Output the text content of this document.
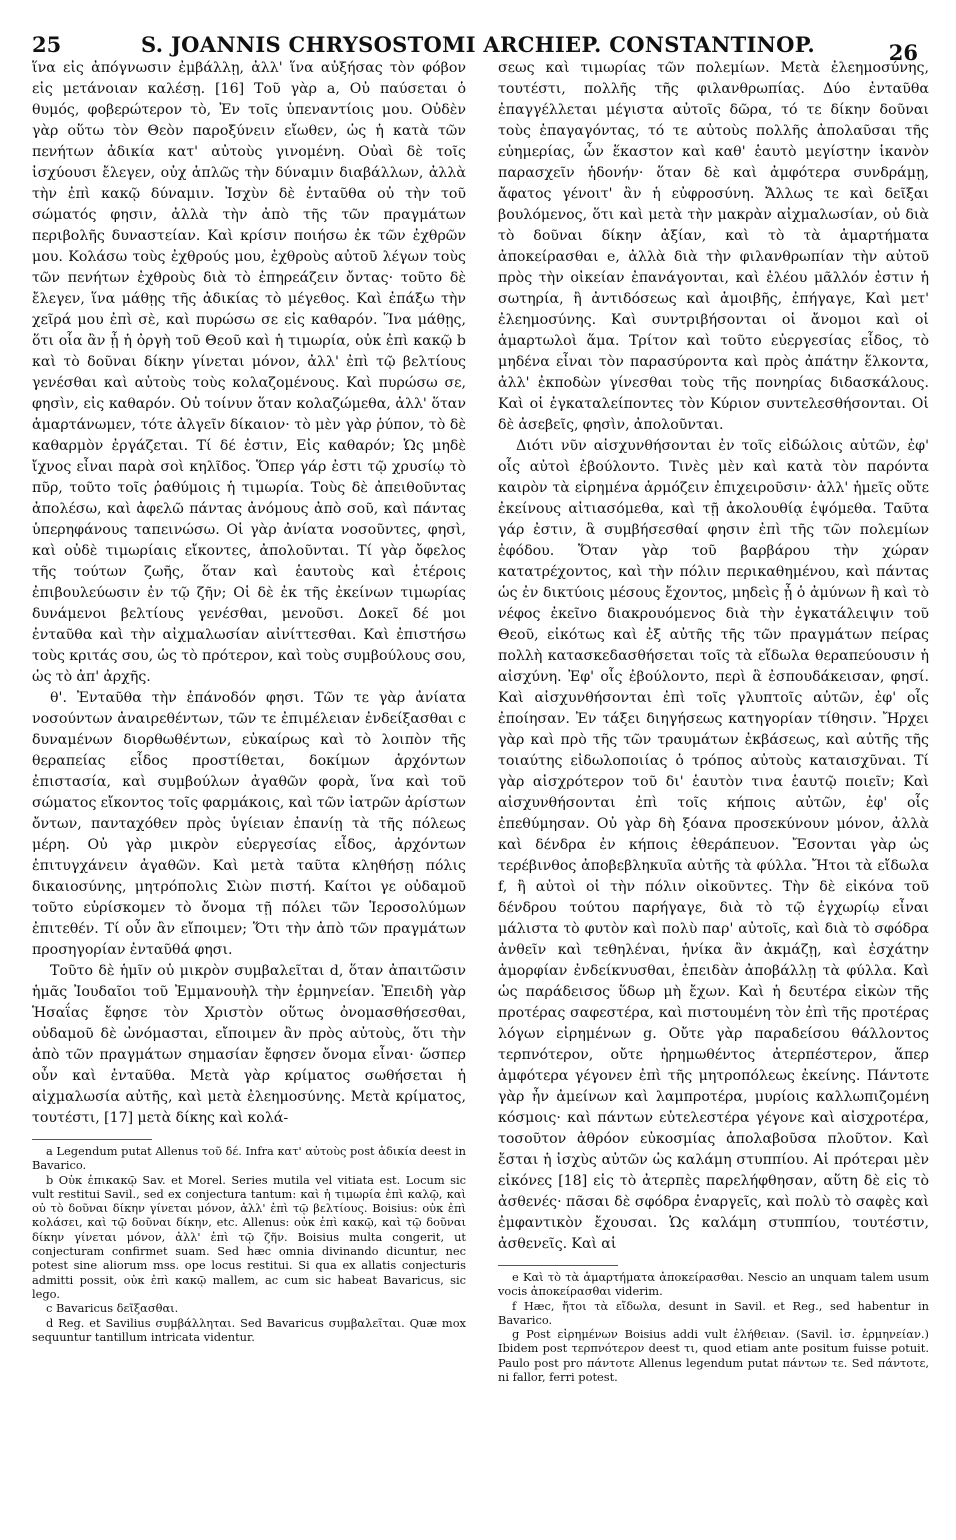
S. JOANNIS CHRYSOSTOMI ARCHIEP. CONSTANTINOP.
25	26

ἵνα εἰς ἀπόγνωσιν ἐμβάλλῃ, ἀλλ' ἵνα αὐξήσας τὸν φόβον εἰς μετάνοιαν καλέσῃ. [16] Τοῦ γὰρ a, Οὐ παύσεται ὁ θυμός, φοβερώτερον τὸ, Ἐν τοῖς ὑπεναντίοις μου. Οὐδὲν γὰρ οὕτω τὸν Θεὸν παροξύνειν εἴωθεν, ὡς ἡ κατὰ τῶν πενήτων ἀδικία κατ' αὐτοὺς γινομένη. Οὐαὶ δὲ τοῖς ἰσχύουσι ἔλεγεν, οὐχ ἁπλῶς τὴν δύναμιν διαβάλλων, ἀλλὰ τὴν ἐπὶ κακῷ δύναμιν. Ἰσχὺν δὲ ἐνταῦθα οὐ τὴν τοῦ σώματός φησιν, ἀλλὰ τὴν ἀπὸ τῆς τῶν πραγμάτων περιβολῆς δυναστείαν. Καὶ κρίσιν ποιήσω ἐκ τῶν ἐχθρῶν μου. Κολάσω τοὺς ἐχθρούς μου, ἐχθροὺς αὐτοῦ λέγων τοὺς τῶν πενήτων ἐχθροὺς διὰ τὸ ἐπηρεάζειν ὄντας· τοῦτο δὲ ἔλεγεν, ἵνα μάθῃς τῆς ἀδικίας τὸ μέγεθος. Καὶ ἐπάξω τὴν χεῖρά μου ἐπὶ σὲ, καὶ πυρώσω σε εἰς καθαρόν. Ἵνα μάθῃς, ὅτι οἷα ἂν ᾖ ἡ ὀργὴ τοῦ Θεοῦ καὶ ἡ τιμωρία, οὐκ ἐπὶ κακῷ b καὶ τὸ δοῦναι δίκην γίνεται μόνον, ἀλλ' ἐπὶ τῷ βελτίους γενέσθαι καὶ αὐτοὺς τοὺς κολαζομένους. Καὶ πυρώσω σε, φησὶν, εἰς καθαρόν. Οὐ τοίνυν ὅταν κολαζώμεθα, ἀλλ' ὅταν ἁμαρτάνωμεν, τότε ἀλγεῖν δίκαιον· τὸ μὲν γὰρ ῥύπον, τὸ δὲ καθαρμὸν ἐργάζεται. Τί δέ ἐστιν, Εἰς καθαρόν; Ὡς μηδὲ ἴχνος εἶναι παρὰ σοὶ κηλῖδος. Ὅπερ γάρ ἐστι τῷ χρυσίῳ τὸ πῦρ, τοῦτο τοῖς ῥαθύμοις ἡ τιμωρία. Τοὺς δὲ ἀπειθοῦντας ἀπολέσω, καὶ ἀφελῶ πάντας ἀνόμους ἀπὸ σοῦ, καὶ πάντας ὑπερηφάνους ταπεινώσω. Οἱ γὰρ ἀνίατα νοσοῦντες, φησὶ, καὶ οὐδὲ τιμωρίαις εἴκοντες, ἀπολοῦνται. Τί γὰρ ὄφελος τῆς τούτων ζωῆς, ὅταν καὶ ἑαυτοὺς καὶ ἑτέροις ἐπιβουλεύωσιν ἐν τῷ ζῆν; Οἱ δὲ ἐκ τῆς ἐκείνων τιμωρίας δυνάμενοι βελτίους γενέσθαι, μενοῦσι. Δοκεῖ δέ μοι ἐνταῦθα καὶ τὴν αἰχμαλωσίαν αἰνίττεσθαι. Καὶ ἐπιστήσω τοὺς κριτάς σου, ὡς τὸ πρότερον, καὶ τοὺς συμβούλους σου, ὡς τὸ ἀπ' ἀρχῆς.

θ'. Ἐνταῦθα τὴν ἐπάνοδόν φησι. Τῶν τε γὰρ ἀνίατα νοσούντων ἀναιρεθέντων, τῶν τε ἐπιμέλειαν ἐνδείξασθαι c δυναμένων διορθωθέντων, εὐκαίρως καὶ τὸ λοιπὸν τῆς θεραπείας εἶδος προστίθεται, δοκίμων ἀρχόντων ἐπιστασία, καὶ συμβούλων ἀγαθῶν φορὰ, ἵνα καὶ τοῦ σώματος εἴκοντος τοῖς φαρμάκοις, καὶ τῶν ἰατρῶν ἀρίστων ὄντων, πανταχόθεν πρὸς ὑγίειαν ἐπανίῃ τὰ τῆς πόλεως μέρη. Οὐ γὰρ μικρὸν εὐεργεσίας εἶδος, ἀρχόντων ἐπιτυγχάνειν ἀγαθῶν. Καὶ μετὰ ταῦτα κληθήσῃ πόλις δικαιοσύνης, μητρόπολις Σιὼν πιστή. Καίτοι γε οὐδαμοῦ τοῦτο εὑρίσκομεν τὸ ὄνομα τῇ πόλει τῶν Ἱεροσολύμων ἐπιτεθέν. Τί οὖν ἂν εἴποιμεν; Ὅτι τὴν ἀπὸ τῶν πραγμάτων προσηγορίαν ἐνταῦθά φησι.

Τοῦτο δὲ ἡμῖν οὐ μικρὸν συμβαλεῖται d, ὅταν ἀπαιτῶσιν ἡμᾶς Ἰουδαῖοι τοῦ Ἐμμανουὴλ τὴν ἑρμηνείαν. Ἐπειδὴ γὰρ Ἡσαΐας ἔφησε τὸν Χριστὸν οὕτως ὀνομασθήσεσθαι, οὐδαμοῦ δὲ ὠνόμασται, εἴποιμεν ἂν πρὸς αὐτοὺς, ὅτι τὴν ἀπὸ τῶν πραγμάτων σημασίαν ἔφησεν ὄνομα εἶναι· ὥσπερ οὖν καὶ ἐνταῦθα. Μετὰ γὰρ κρίματος σωθήσεται ἡ αἰχμαλωσία αὐτῆς, καὶ μετὰ ἐλεημοσύνης. Μετὰ κρίματος, τουτέστι, [17] μετὰ δίκης καὶ κολά-

a Legendum putat Allenus τοῦ δέ. Infra κατ' αὐτοὺς post ἀδικία deest in Bavarico.

b Οὐκ ἐπικακῷ Sav. et Morel. Series mutila vel vitiata est. Locum sic vult restitui Savil., sed ex conjectura tantum: καὶ ἡ τιμωρία ἐπὶ καλῷ, καὶ οὐ τὸ δοῦναι δίκην γίνεται μόνον, ἀλλ' ἐπὶ τῷ βελτίους. Boisius: οὐκ ἐπὶ κολάσει, καὶ τῷ δοῦναι δίκην, etc. Allenus: οὐκ ἐπὶ κακῷ, καὶ τῷ δοῦναι δίκην γίνεται μόνον, ἀλλ' ἐπὶ τῷ ζῆν. Boisius multa congerit, ut conjecturam confirmet suam. Sed hæc omnia divinando dicuntur, nec potest sine aliorum mss. ope locus restitui. Si qua ex allatis conjecturis admitti possit, οὐκ ἐπὶ κακῷ mallem, ac cum sic habeat Bavaricus, sic lego.

c Bavaricus δεῖξασθαι.

d Reg. et Savilius συμβάλληται. Sed Bavaricus συμβαλεῖται. Quæ mox sequuntur tantillum intricata videntur.

σεως καὶ τιμωρίας τῶν πολεμίων. Μετὰ ἐλεημοσύνης, τουτέστι, πολλῆς τῆς φιλανθρωπίας. Δύο ἐνταῦθα ἐπαγγέλλεται μέγιστα αὐτοῖς δῶρα, τό τε δίκην δοῦναι τοὺς ἐπαγαγόντας, τό τε αὐτοὺς πολλῆς ἀπολαῦσαι τῆς εὐημερίας, ὧν ἕκαστον καὶ καθ' ἑαυτὸ μεγίστην ἱκανὸν παρασχεῖν ἡδονήν· ὅταν δὲ καὶ ἀμφότερα συνδράμῃ, ἄφατος γένοιτ' ἂν ἡ εὐφροσύνη. Ἄλλως τε καὶ δεῖξαι βουλόμενος, ὅτι καὶ μετὰ τὴν μακρὰν αἰχμαλωσίαν, οὐ διὰ τὸ δοῦναι δίκην ἀξίαν, καὶ τὸ τὰ ἁμαρτήματα ἀποκείρασθαι e, ἀλλὰ διὰ τὴν φιλανθρωπίαν τὴν αὐτοῦ πρὸς τὴν οἰκείαν ἐπανάγονται, καὶ ἐλέου μᾶλλόν ἐστιν ἡ σωτηρία, ἢ ἀντιδόσεως καὶ ἀμοιβῆς, ἐπήγαγε, Καὶ μετ' ἐλεημοσύνης. Καὶ συντριβήσονται οἱ ἄνομοι καὶ οἱ ἁμαρτωλοὶ ἅμα. Τρίτον καὶ τοῦτο εὐεργεσίας εἶδος, τὸ μηδένα εἶναι τὸν παρασύροντα καὶ πρὸς ἀπάτην ἕλκοντα, ἀλλ' ἐκποδὼν γίνεσθαι τοὺς τῆς πονηρίας διδασκάλους. Καὶ οἱ ἐγκαταλείποντες τὸν Κύριον συντελεσθήσονται. Οἱ δὲ ἀσεβεῖς, φησὶν, ἀπολοῦνται.

Διότι νῦν αἰσχυνθήσονται ἐν τοῖς εἰδώλοις αὐτῶν, ἐφ' οἷς αὐτοὶ ἐβούλοντο. Τινὲς μὲν καὶ κατὰ τὸν παρόντα καιρὸν τὰ εἰρημένα ἁρμόζειν ἐπιχειροῦσιν· ἀλλ' ἡμεῖς οὔτε ἐκείνους αἰτιασόμεθα, καὶ τῇ ἀκολουθίᾳ ἑψόμεθα. Ταῦτα γάρ ἐστιν, ἃ συμβήσεσθαί φησιν ἐπὶ τῆς τῶν πολεμίων ἐφόδου. Ὅταν γὰρ τοῦ βαρβάρου τὴν χώραν κατατρέχοντος, καὶ τὴν πόλιν περικαθημένου, καὶ πάντας ὡς ἐν δικτύοις μέσους ἔχοντος, μηδεὶς ᾖ ὁ ἀμύνων ἢ καὶ τὸ νέφος ἐκεῖνο διακρουόμενος διὰ τὴν ἐγκατάλειψιν τοῦ Θεοῦ, εἰκότως καὶ ἐξ αὐτῆς τῆς τῶν πραγμάτων πείρας πολλὴ κατασκεδασθήσεται τοῖς τὰ εἴδωλα θεραπεύουσιν ἡ αἰσχύνη. Ἐφ' οἷς ἐβούλοντο, περὶ ἃ ἐσπουδάκεισαν, φησί. Καὶ αἰσχυνθήσονται ἐπὶ τοῖς γλυπτοῖς αὐτῶν, ἐφ' οἷς ἐποίησαν. Ἐν τάξει διηγήσεως κατηγορίαν τίθησιν. Ἤρχει γὰρ καὶ πρὸ τῆς τῶν τραυμάτων ἐκβάσεως, καὶ αὐτῆς τῆς τοιαύτης εἰδωλοποιίας ὁ τρόπος αὐτοὺς καταισχῦναι. Τί γὰρ αἰσχρότερον τοῦ δι' ἑαυτὸν τινα ἑαυτῷ ποιεῖν; Καὶ αἰσχυνθήσονται ἐπὶ τοῖς κήποις αὐτῶν, ἐφ' οἷς ἐπεθύμησαν. Οὐ γὰρ δὴ ξόανα προσεκύνουν μόνον, ἀλλὰ καὶ δένδρα ἐν κήποις ἐθεράπευον. Ἔσονται γὰρ ὡς τερέβινθος ἀποβεβληκυῖα αὐτῆς τὰ φύλλα. Ἤτοι τὰ εἴδωλα f, ἢ αὐτοὶ οἱ τὴν πόλιν οἰκοῦντες. Τὴν δὲ εἰκόνα τοῦ δένδρου τούτου παρήγαγε, διὰ τὸ τῷ ἐγχωρίῳ εἶναι μάλιστα τὸ φυτὸν καὶ πολὺ παρ' αὐτοῖς, καὶ διὰ τὸ σφόδρα ἀνθεῖν καὶ τεθηλέναι, ἡνίκα ἂν ἀκμάζῃ, καὶ ἐσχάτην ἀμορφίαν ἐνδείκνυσθαι, ἐπειδὰν ἀποβάλλῃ τὰ φύλλα. Καὶ ὡς παράδεισος ὕδωρ μὴ ἔχων. Καὶ ἡ δευτέρα εἰκὼν τῆς προτέρας σαφεστέρα, καὶ πιστουμένη τὸν ἐπὶ τῆς προτέρας λόγων εἰρημένων g. Οὔτε γὰρ παραδείσου θάλλοντος τερπνότερον, οὔτε ἠρημωθέντος ἀτερπέστερον, ἅπερ ἀμφότερα γέγονεν ἐπὶ τῆς μητροπόλεως ἐκείνης. Πάντοτε γὰρ ἦν ἀμείνων καὶ λαμπροτέρα, μυρίοις καλλωπιζομένη κόσμοις· καὶ πάντων εὐτελεστέρα γέγονε καὶ αἰσχροτέρα, τοσοῦτον ἀθρόον εὐκοσμίας ἀπολαβοῦσα πλοῦτον. Καὶ ἔσται ἡ ἰσχὺς αὐτῶν ὡς καλάμη στυππίου. Αἱ πρότεραι μὲν εἰκόνες [18] εἰς τὸ ἀτερπὲς παρελήφθησαν, αὕτη δὲ εἰς τὸ ἀσθενές· πᾶσαι δὲ σφόδρα ἐναργεῖς, καὶ πολὺ τὸ σαφὲς καὶ ἐμφαντικὸν ἔχουσαι. Ὡς καλάμη στυππίου, τουτέστιν, ἀσθενεῖς. Καὶ αἱ

e Καὶ τὸ τὰ ἁμαρτήματα ἀποκείρασθαι. Nescio an unquam talem usum vocis ἀποκείρασθαι viderim.

f Hæc, ἤτοι τὰ εἴδωλα, desunt in Savil. et Reg., sed habentur in Bavarico.

g Post εἰρημένων Boisius addi vult ἐλήθειαν. (Savil. ἰσ. ἑρμηνείαν.) Ibidem post τερπνότερον deest τι, quod etiam ante positum fuisse potuit. Paulo post pro πάντοτε Allenus legendum putat πάντων τε. Sed πάντοτε, ni fallor, ferri potest.
